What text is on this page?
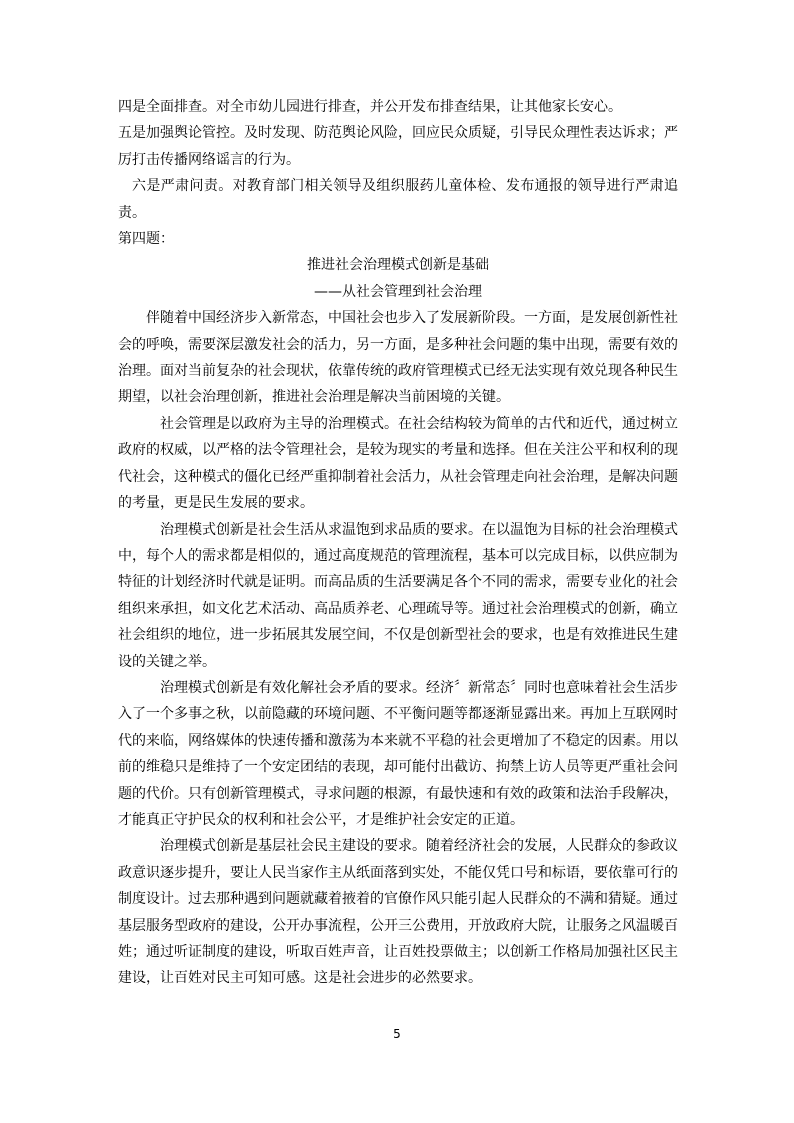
四是全面排查。对全市幼儿园进行排查，并公开发布排查结果，让其他家长安心。

五是加强舆论管控。及时发现、防范舆论风险，回应民众质疑，引导民众理性表达诉求；严厉打击传播网络谣言的行为。

六是严肃问责。对教育部门相关领导及组织服药儿童体检、发布通报的领导进行严肃追责。

第四题：

推进社会治理模式创新是基础

——从社会管理到社会治理

伴随着中国经济步入新常态，中国社会也步入了发展新阶段。一方面，是发展创新性社会的呼唤，需要深层激发社会的活力，另一方面，是多种社会问题的集中出现，需要有效的治理。面对当前复杂的社会现状，依靠传统的政府管理模式已经无法实现有效兑现各种民生期望，以社会治理创新，推进社会治理是解决当前困境的关键。

社会管理是以政府为主导的治理模式。在社会结构较为简单的古代和近代，通过树立政府的权威，以严格的法令管理社会，是较为现实的考量和选择。但在关注公平和权利的现代社会，这种模式的僵化已经严重抑制着社会活力，从社会管理走向社会治理，是解决问题的考量，更是民生发展的要求。

治理模式创新是社会生活从求温饱到求品质的要求。在以温饱为目标的社会治理模式中，每个人的需求都是相似的，通过高度规范的管理流程，基本可以完成目标，以供应制为特征的计划经济时代就是证明。而高品质的生活要满足各个不同的需求，需要专业化的社会组织来承担，如文化艺术活动、高品质养老、心理疏导等。通过社会治理模式的创新，确立社会组织的地位，进一步拓展其发展空间，不仅是创新型社会的要求，也是有效推进民生建设的关键之举。

治理模式创新是有效化解社会矛盾的要求。经济〞新常态〞同时也意味着社会生活步入了一个多事之秋，以前隐藏的环境问题、不平衡问题等都逐渐显露出来。再加上互联网时代的来临，网络媒体的快速传播和激荡为本来就不平稳的社会更增加了不稳定的因素。用以前的维稳只是维持了一个安定团结的表现，却可能付出截访、拘禁上访人员等更严重社会问题的代价。只有创新管理模式，寻求问题的根源，有最快速和有效的政策和法治手段解决，才能真正守护民众的权利和社会公平，才是维护社会安定的正道。

治理模式创新是基层社会民主建设的要求。随着经济社会的发展，人民群众的参政议政意识逐步提升，要让人民当家作主从纸面落到实处，不能仅凭口号和标语，要依靠可行的制度设计。过去那种遇到问题就藏着掖着的官僚作风只能引起人民群众的不满和猜疑。通过基层服务型政府的建设，公开办事流程，公开三公费用，开放政府大院，让服务之风温暖百姓；通过听证制度的建设，听取百姓声音，让百姓投票做主；以创新工作格局加强社区民主建设，让百姓对民主可知可感。这是社会进步的必然要求。

5
